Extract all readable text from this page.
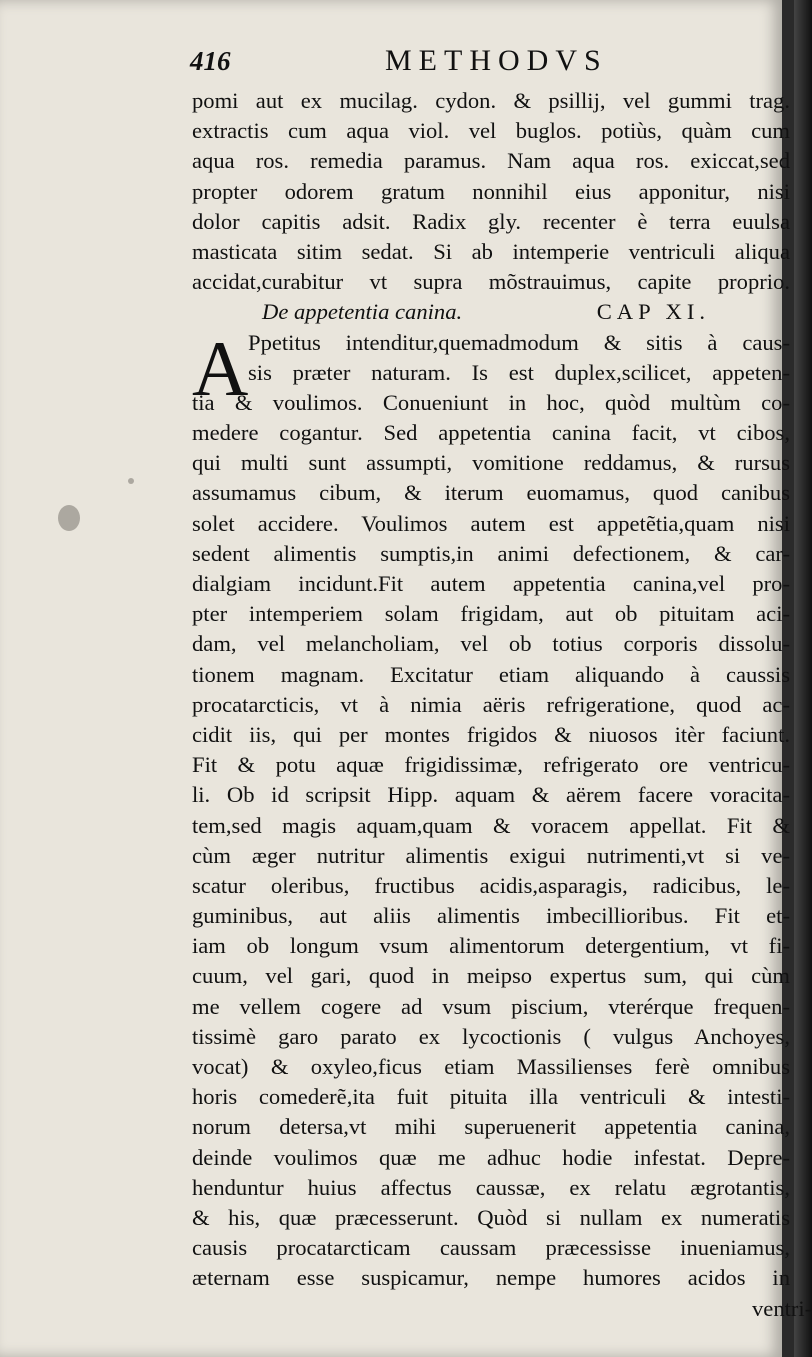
416	METHODVS
A
pomi aut ex mucilag. cydon. & psillij, vel gummi trag.
extractis cum aqua viol. vel buglos. potiùs, quàm cum
aqua ros. remedia paramus. Nam aqua ros. exiccat,sed
propter odorem gratum nonnihil eius apponitur, nisi
dolor capitis adsit. Radix gly. recenter è terra euulsa
masticata sitim sedat. Si ab intemperie ventriculi aliqua
accidat,curabitur vt supra mõstrauimus, capite proprio.
De appetentia canina.	CAP XI.
Ppetitus intenditur,quemadmodum & sitis à caus-
sis præter naturam. Is est duplex,scilicet, appeten-
tia & voulimos. Conueniunt in hoc, quòd multùm co-
medere cogantur. Sed appetentia canina facit, vt cibos,
qui multi sunt assumpti, vomitione reddamus, & rursus
assumamus cibum, & iterum euomamus, quod canibus
solet accidere. Voulimos autem est appetẽtia,quam nisi
sedent alimentis sumptis,in animi defectionem, & car-
dialgiam incidunt.Fit autem appetentia canina,vel pro-
pter intemperiem solam frigidam, aut ob pituitam aci-
dam, vel melancholiam, vel ob totius corporis dissolu-
tionem magnam. Excitatur etiam aliquando à caussis
procatarcticis, vt à nimia aëris refrigeratione, quod ac-
cidit iis, qui per montes frigidos & niuosos itèr faciunt.
Fit & potu aquæ frigidissimæ, refrigerato ore ventricu-
li. Ob id scripsit Hipp. aquam & aërem facere voracita-
tem,sed magis aquam,quam & voracem appellat. Fit &
cùm æger nutritur alimentis exigui nutrimenti,vt si ve-
scatur oleribus, fructibus acidis,asparagis, radicibus, le-
guminibus, aut aliis alimentis imbecillioribus. Fit et-
iam ob longum vsum alimentorum detergentium, vt fi-
cuum, vel gari, quod in meipso expertus sum, qui cùm
me vellem cogere ad vsum piscium, vterérque frequen-
tissimè garo parato ex lycoctionis ( vulgus Anchoyes,
vocat) & oxyleo,ficus etiam Massilienses ferè omnibus
horis comederẽ,ita fuit pituita illa ventriculi & intesti-
norum detersa,vt mihi superuenerit appetentia canina,
deinde voulimos quæ me adhuc hodie infestat. Depre-
henduntur huius affectus caussæ, ex relatu ægrotantis,
& his, quæ præcesserunt. Quòd si nullam ex numeratis
causis procatarcticam caussam præcessisse inueniamus,
æternam esse suspicamur, nempe humores acidos in
ventri-
